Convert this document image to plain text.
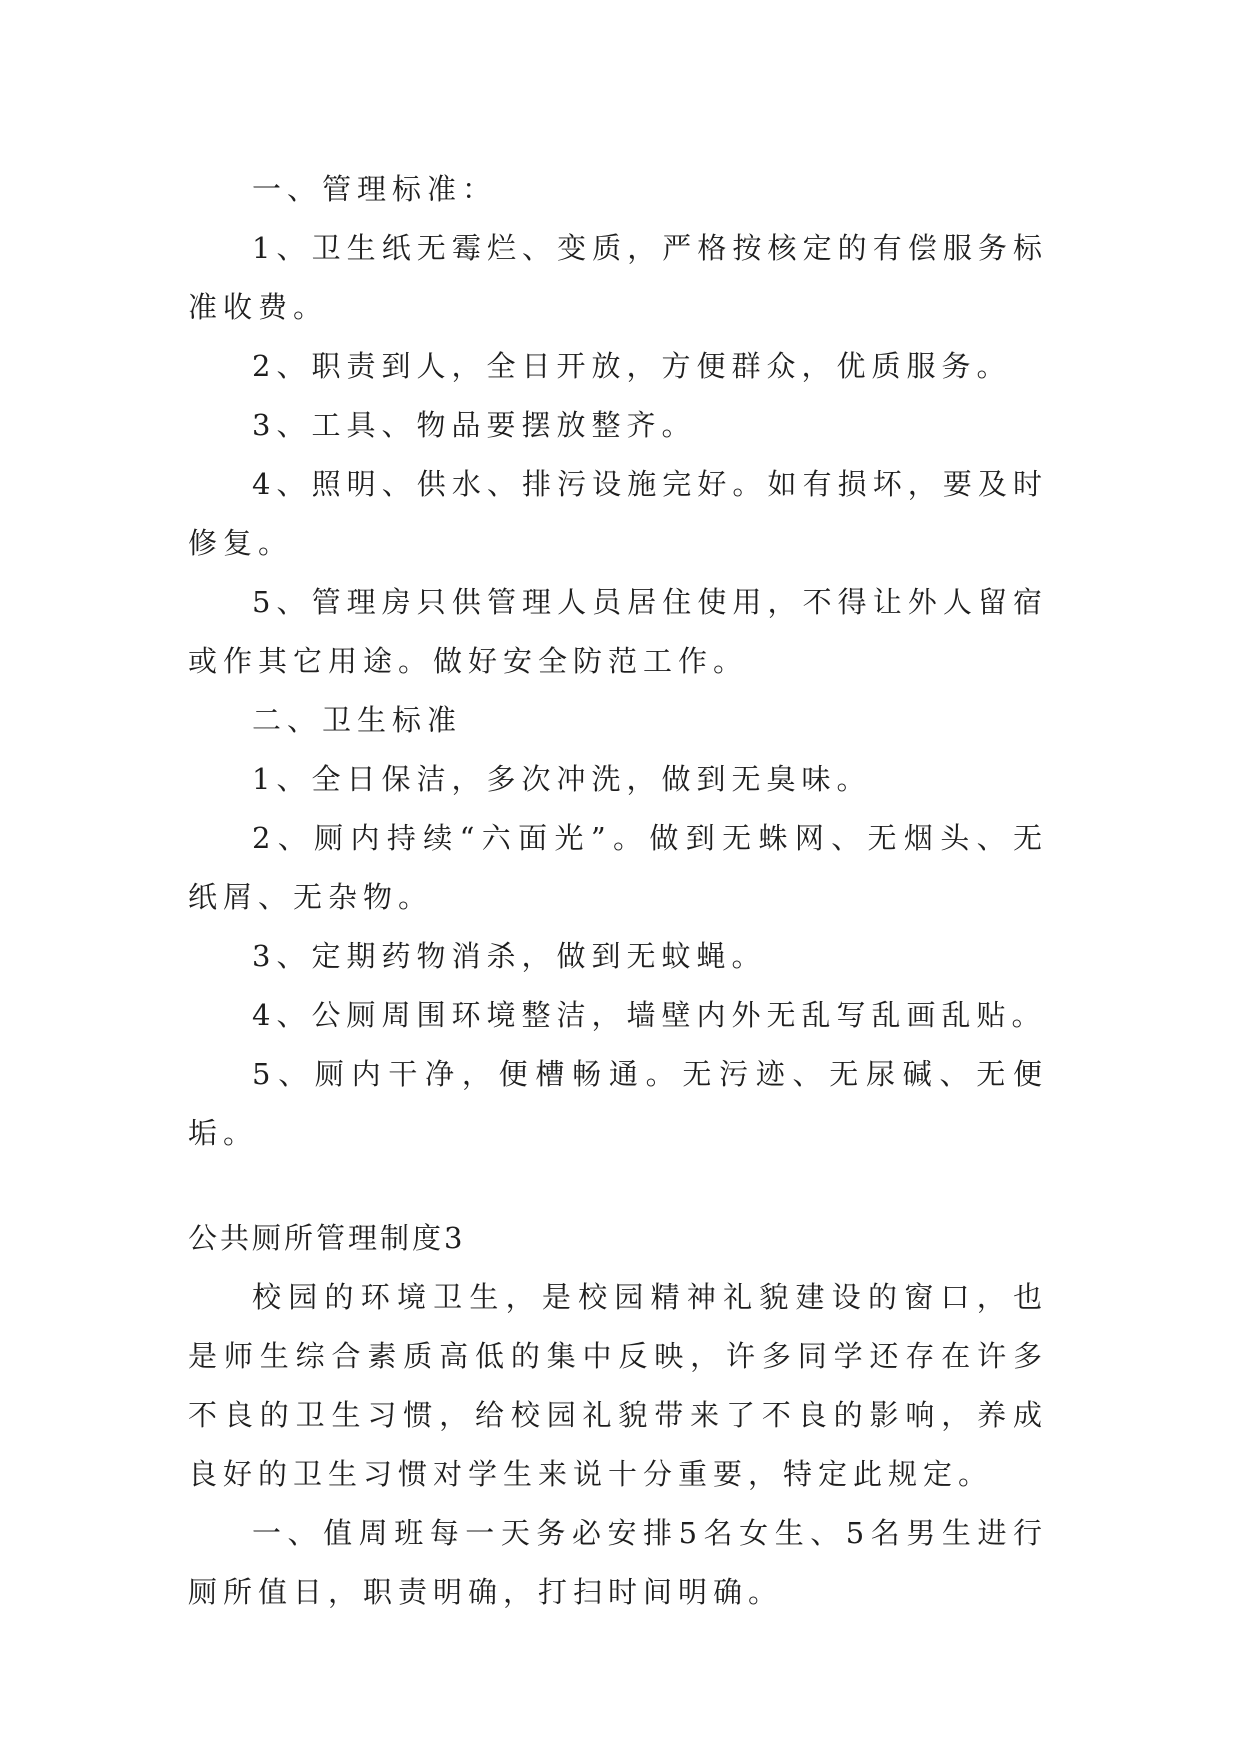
一、管理标准：

1、卫生纸无霉烂、变质，严格按核定的有偿服务标准收费。

2、职责到人，全日开放，方便群众，优质服务。

3、工具、物品要摆放整齐。

4、照明、供水、排污设施完好。如有损坏，要及时修复。

5、管理房只供管理人员居住使用，不得让外人留宿或作其它用途。做好安全防范工作。

二、卫生标准

1、全日保洁，多次冲洗，做到无臭味。

2、厕内持续“六面光”。做到无蛛网、无烟头、无纸屑、无杂物。

3、定期药物消杀，做到无蚊蝇。

4、公厕周围环境整洁，墙壁内外无乱写乱画乱贴。

5、厕内干净，便槽畅通。无污迹、无尿碱、无便垢。

公共厕所管理制度3

校园的环境卫生，是校园精神礼貌建设的窗口，也是师生综合素质高低的集中反映，许多同学还存在许多不良的卫生习惯，给校园礼貌带来了不良的影响，养成良好的卫生习惯对学生来说十分重要，特定此规定。

一、值周班每一天务必安排5名女生、5名男生进行厕所值日，职责明确，打扫时间明确。
